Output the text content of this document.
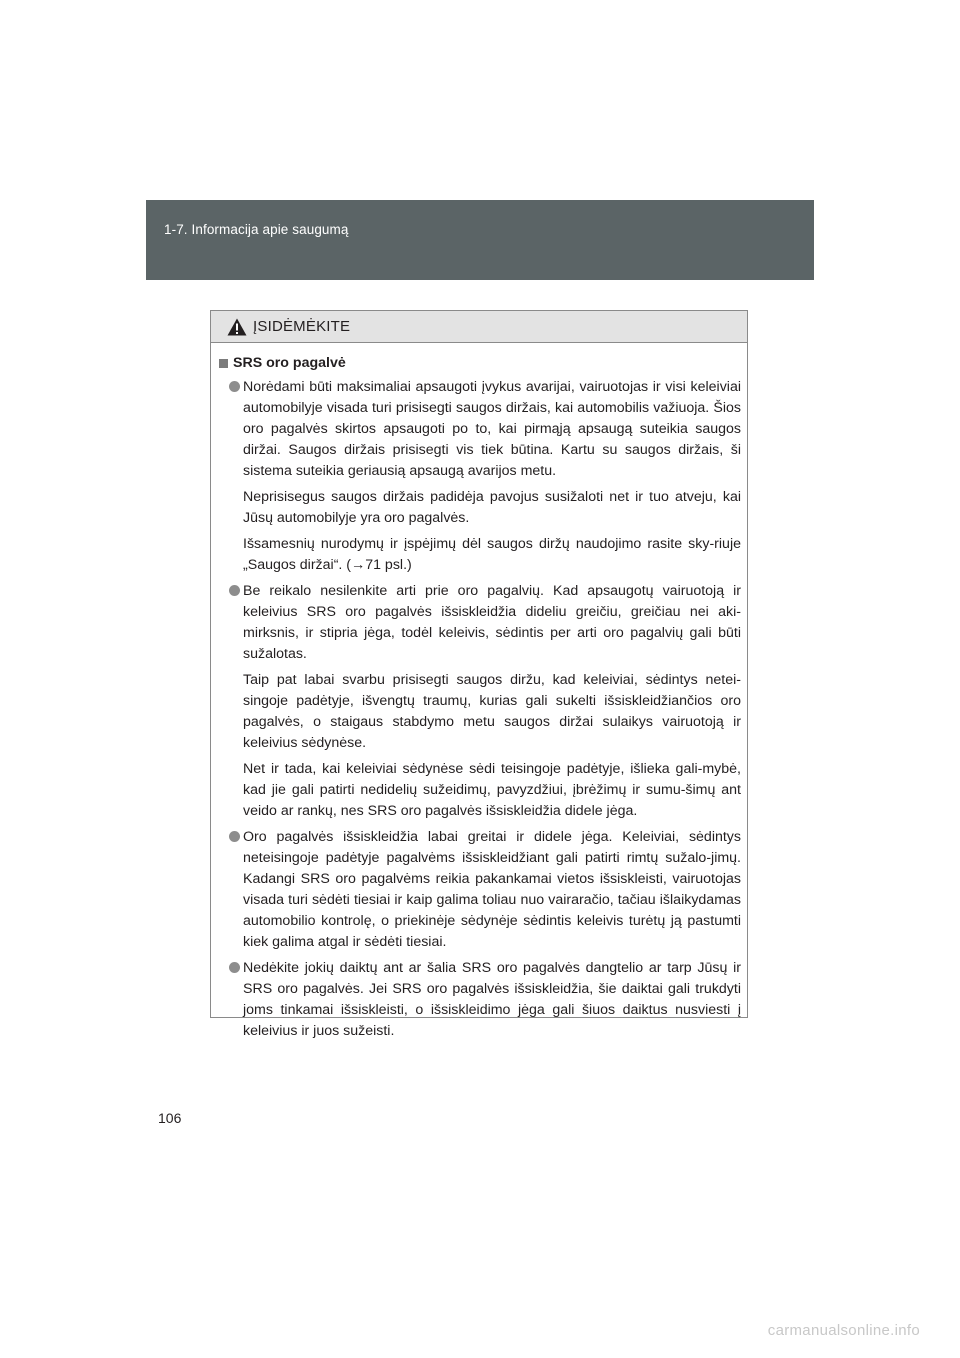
1-7. Informacija apie saugumą
ĮSIDĖMĖKITE
SRS oro pagalvė

Norėdami būti maksimaliai apsaugoti įvykus avarijai, vairuotojas ir visi keleiviai automobilyje visada turi prisisegti saugos diržais, kai automobilis važiuoja. Šios oro pagalvės skirtos apsaugoti po to, kai pirmąją apsaugą suteikia saugos diržai. Saugos diržais prisisegti vis tiek būtina. Kartu su saugos diržais, ši sistema suteikia geriausią apsaugą avarijos metu.

Neprisisegus saugos diržais padidėja pavojus susižaloti net ir tuo atveju, kai Jūsų automobilyje yra oro pagalvės.

Išsamesnių nurodymų ir įspėjimų dėl saugos diržų naudojimo rasite sky-riuje „Saugos diržai“. (→71 psl.)

Be reikalo nesilenkite arti prie oro pagalvių. Kad apsaugotų vairuotoją ir keleivius SRS oro pagalvės išsiskleidžia dideliu greičiu, greičiau nei aki-mirksnis, ir stipria jėga, todėl keleivis, sėdintis per arti oro pagalvių gali būti sužalotas.

Taip pat labai svarbu prisisegti saugos diržu, kad keleiviai, sėdintys netei-singoje padėtyje, išvengtų traumų, kurias gali sukelti išsiskleidžiančios oro pagalvės, o staigaus stabdymo metu saugos diržai sulaikys vairuotoją ir keleivius sėdynėse.

Net ir tada, kai keleiviai sėdynėse sėdi teisingoje padėtyje, išlieka gali-mybė, kad jie gali patirti nedidelių sužeidimų, pavyzdžiui, įbrėžimų ir sumu-šimų ant veido ar rankų, nes SRS oro pagalvės išsiskleidžia didele jėga.

Oro pagalvės išsiskleidžia labai greitai ir didele jėga. Keleiviai, sėdintys neteisingoje padėtyje pagalvėms išsiskleidžiant gali patirti rimtų sužalo-jimų. Kadangi SRS oro pagalvėms reikia pakankamai vietos išsiskleisti, vairuotojas visada turi sėdėti tiesiai ir kaip galima toliau nuo vairaračio, tačiau išlaikydamas automobilio kontrolę, o priekinėje sėdynėje sėdintis keleivis turėtų ją pastumti kiek galima atgal ir sėdėti tiesiai.

Nedėkite jokių daiktų ant ar šalia SRS oro pagalvės dangtelio ar tarp Jūsų ir SRS oro pagalvės. Jei SRS oro pagalvės išsiskleidžia, šie daiktai gali trukdyti joms tinkamai išsiskleisti, o išsiskleidimo jėga gali šiuos daiktus nusviesti į keleivius ir juos sužeisti.

106
carmanualsonline.info
